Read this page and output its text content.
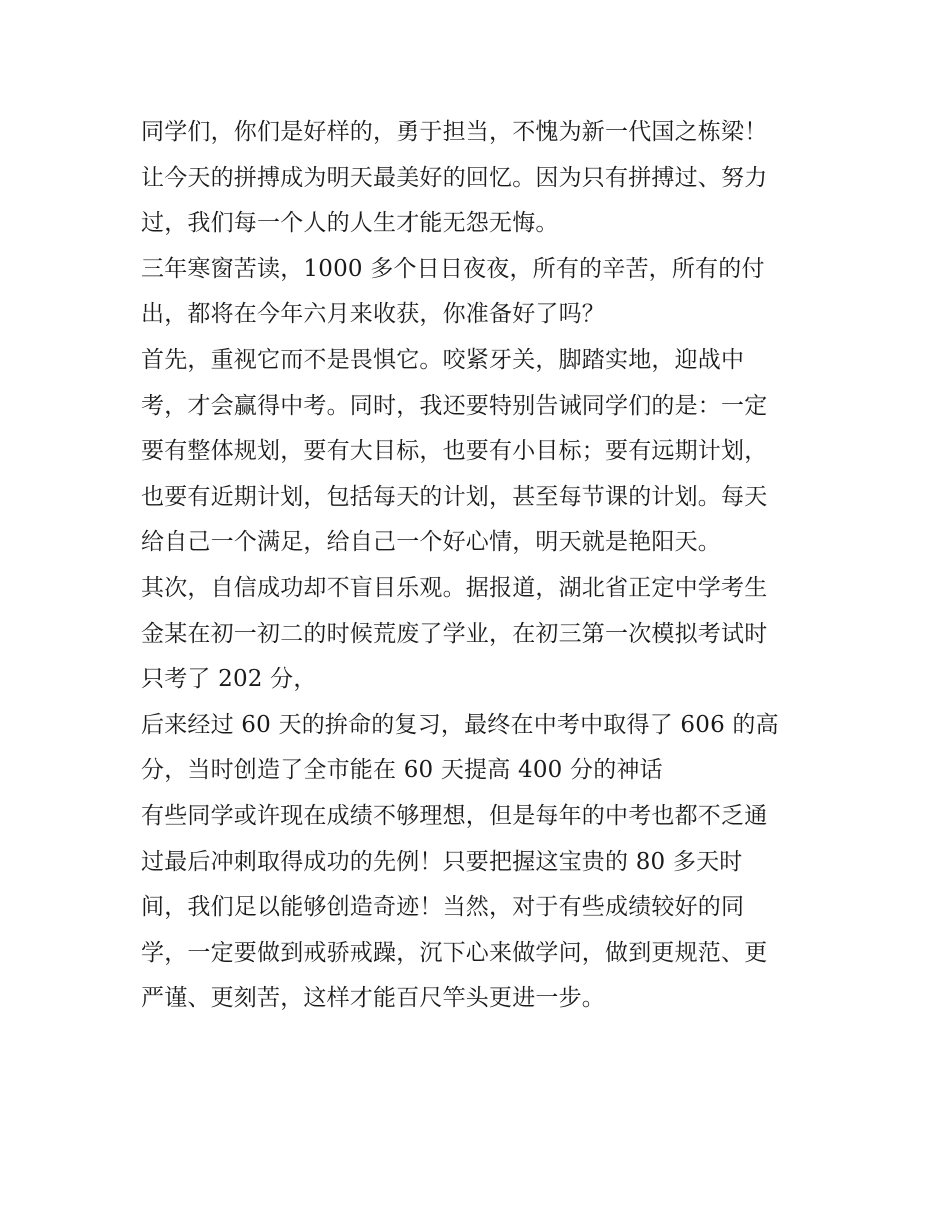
同学们，你们是好样的，勇于担当，不愧为新一代国之栋梁！
让今天的拼搏成为明天最美好的回忆。因为只有拼搏过、努力
过，我们每一个人的人生才能无怨无悔。
三年寒窗苦读，1000 多个日日夜夜，所有的辛苦，所有的付
出，都将在今年六月来收获，你准备好了吗？
首先，重视它而不是畏惧它。咬紧牙关，脚踏实地，迎战中
考，才会赢得中考。同时，我还要特别告诫同学们的是：一定
要有整体规划，要有大目标，也要有小目标；要有远期计划，
也要有近期计划，包括每天的计划，甚至每节课的计划。每天
给自己一个满足，给自己一个好心情，明天就是艳阳天。
其次，自信成功却不盲目乐观。据报道，湖北省正定中学考生
金某在初一初二的时候荒废了学业，在初三第一次模拟考试时
只考了 202 分，
后来经过 60 天的拚命的复习，最终在中考中取得了 606 的高
分，当时创造了全市能在 60 天提高 400 分的神话
有些同学或许现在成绩不够理想，但是每年的中考也都不乏通
过最后冲刺取得成功的先例！只要把握这宝贵的 80 多天时
间，我们足以能够创造奇迹！当然，对于有些成绩较好的同
学，一定要做到戒骄戒躁，沉下心来做学问，做到更规范、更
严谨、更刻苦，这样才能百尺竿头更进一步。
